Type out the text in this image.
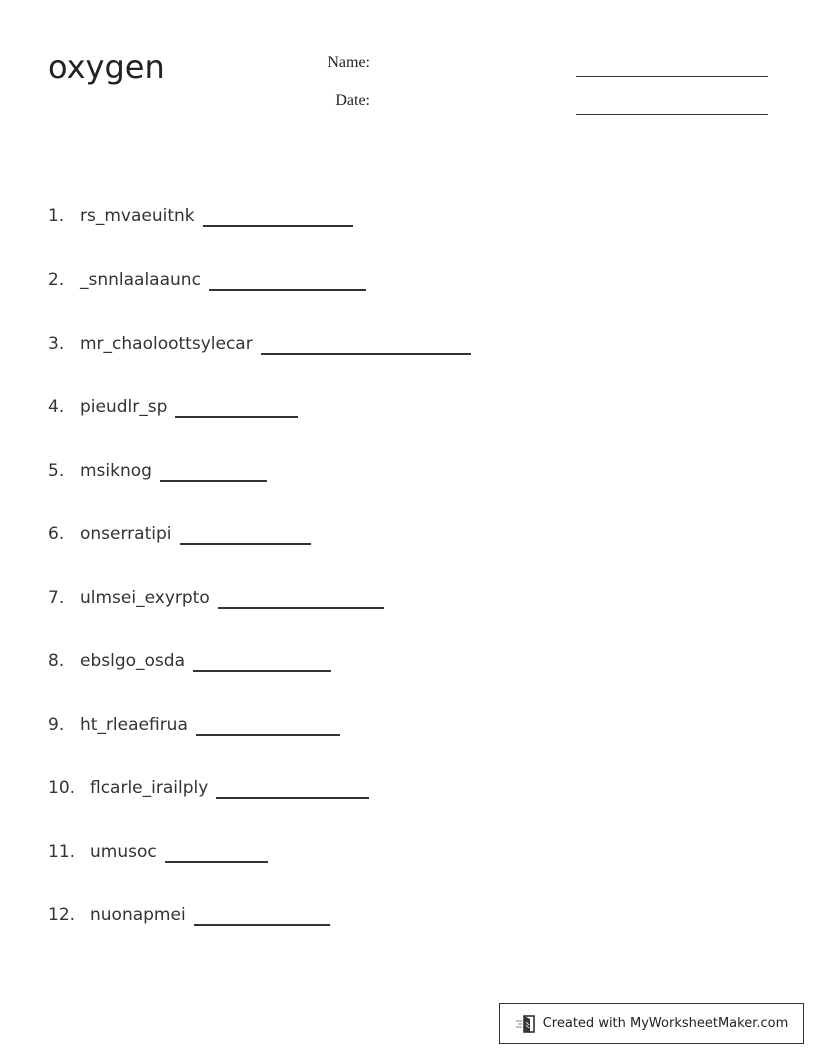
oxygen	Name:
Date:
1. rs_mvaeuitnk
2. _snnlaalaaunc
3. mr_chaoloottsylecar
4. pieudlr_sp
5. msiknog
6. onserratipi
7. ulmsei_exyrpto
8. ebslgo_osda
9. ht_rleaefirua
10. flcarle_irailply
11. umusoc
12. nuonapmei
Created with MyWorksheetMaker.com
